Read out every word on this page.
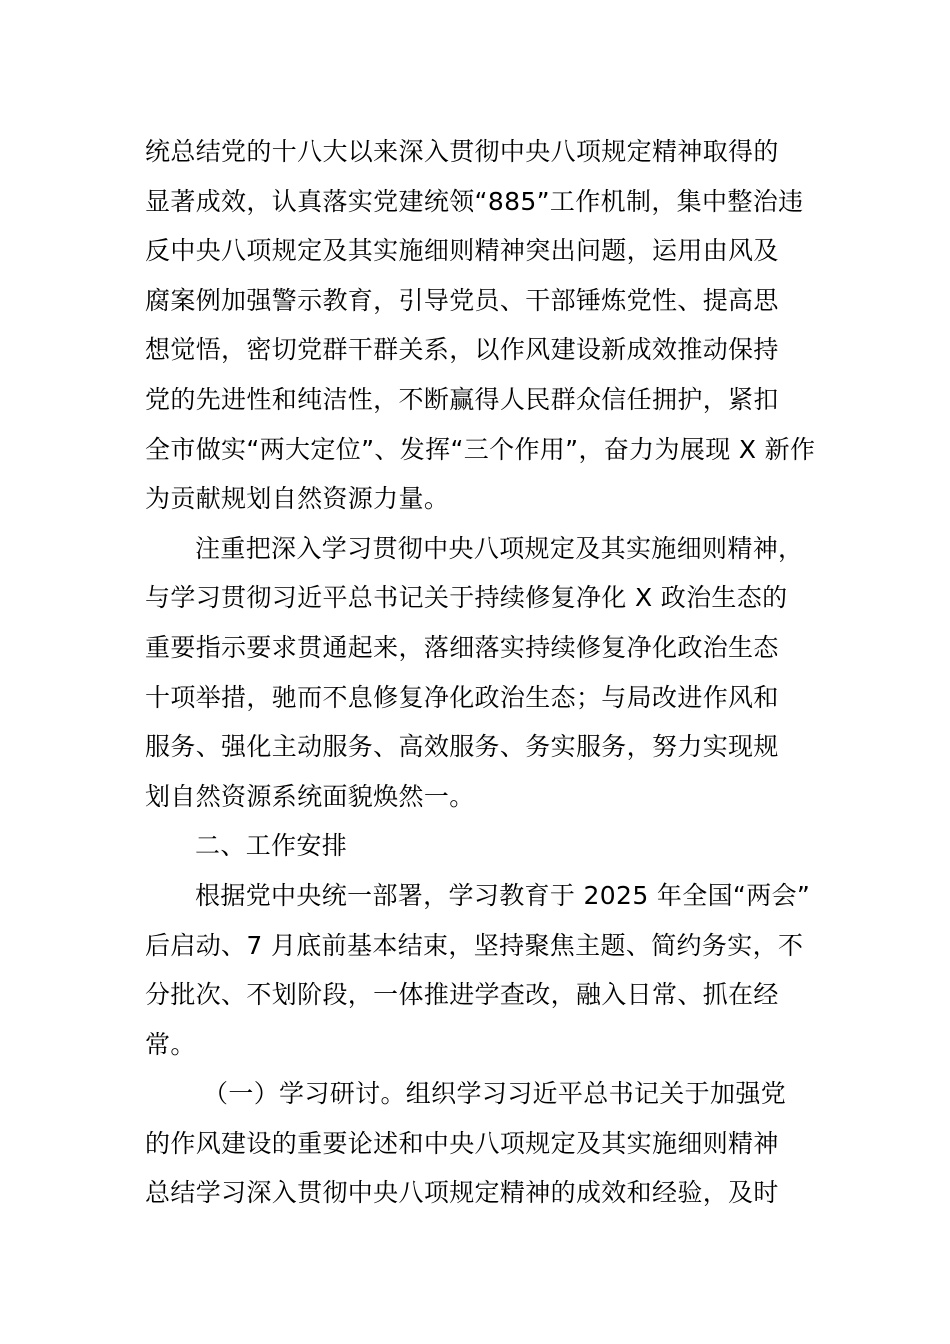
统总结党的十八大以来深入贯彻中央八项规定精神取得的
显著成效，认真落实党建统领“885”工作机制，集中整治违
反中央八项规定及其实施细则精神突出问题，运用由风及
腐案例加强警示教育，引导党员、干部锤炼党性、提高思
想觉悟，密切党群干群关系，以作风建设新成效推动保持
党的先进性和纯洁性，不断赢得人民群众信任拥护，紧扣
全市做实“两大定位”、发挥“三个作用”，奋力为展现 X 新作
为贡献规划自然资源力量。
注重把深入学习贯彻中央八项规定及其实施细则精神，
与学习贯彻习近平总书记关于持续修复净化 X 政治生态的
重要指示要求贯通起来，落细落实持续修复净化政治生态
十项举措，驰而不息修复净化政治生态；与局改进作风和
服务、强化主动服务、高效服务、务实服务，努力实现规
划自然资源系统面貌焕然一。
二、工作安排
根据党中央统一部署，学习教育于 2025 年全国“两会”
后启动、7 月底前基本结束，坚持聚焦主题、简约务实，不
分批次、不划阶段，一体推进学查改，融入日常、抓在经
常。
（一）学习研讨。组织学习习近平总书记关于加强党
的作风建设的重要论述和中央八项规定及其实施细则精神
总结学习深入贯彻中央八项规定精神的成效和经验，及时
